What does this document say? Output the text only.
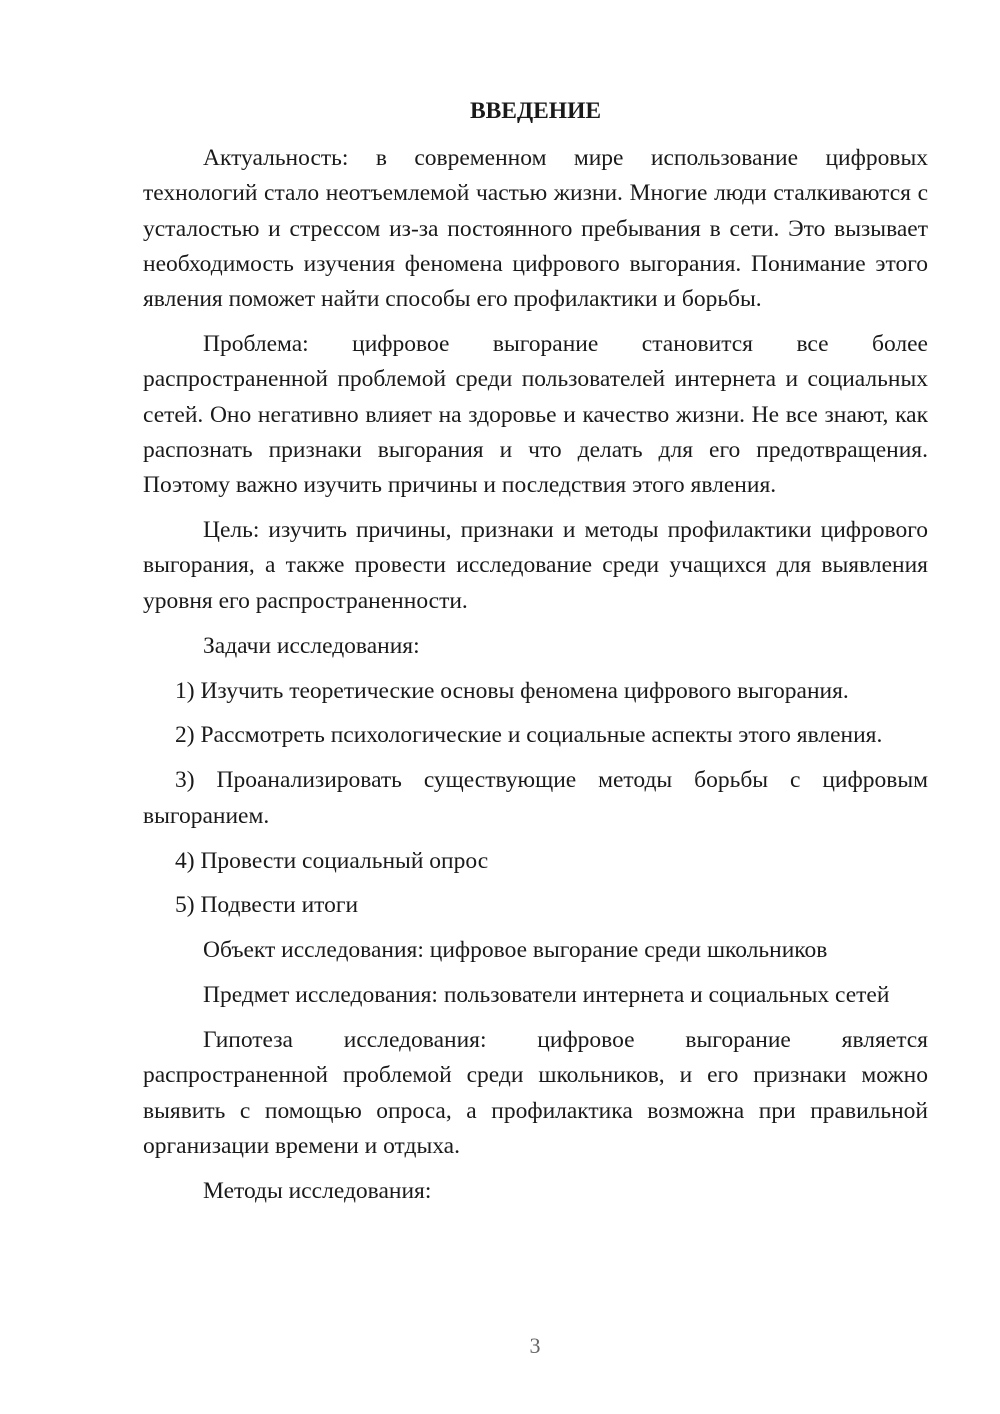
ВВЕДЕНИЕ

Актуальность: в современном мире использование цифровых технологий стало неотъемлемой частью жизни. Многие люди сталкиваются с усталостью и стрессом из-за постоянного пребывания в сети. Это вызывает необходимость изучения феномена цифрового выгорания. Понимание этого явления поможет найти способы его профилактики и борьбы.

Проблема: цифровое выгорание становится все более распространенной проблемой среди пользователей интернета и социальных сетей. Оно негативно влияет на здоровье и качество жизни. Не все знают, как распознать признаки выгорания и что делать для его предотвращения. Поэтому важно изучить причины и последствия этого явления.

Цель: изучить причины, признаки и методы профилактики цифрового выгорания, а также провести исследование среди учащихся для выявления уровня его распространенности.

Задачи исследования:

1) Изучить теоретические основы феномена цифрового выгорания.

2) Рассмотреть психологические и социальные аспекты этого явления.

3) Проанализировать существующие методы борьбы с цифровым выгоранием.

4) Провести социальный опрос

5) Подвести итоги

Объект исследования: цифровое выгорание среди школьников

Предмет исследования: пользователи интернета и социальных сетей

Гипотеза исследования: цифровое выгорание является распространенной проблемой среди школьников, и его признаки можно выявить с помощью опроса, а профилактика возможна при правильной организации времени и отдыха.

Методы исследования:

3
